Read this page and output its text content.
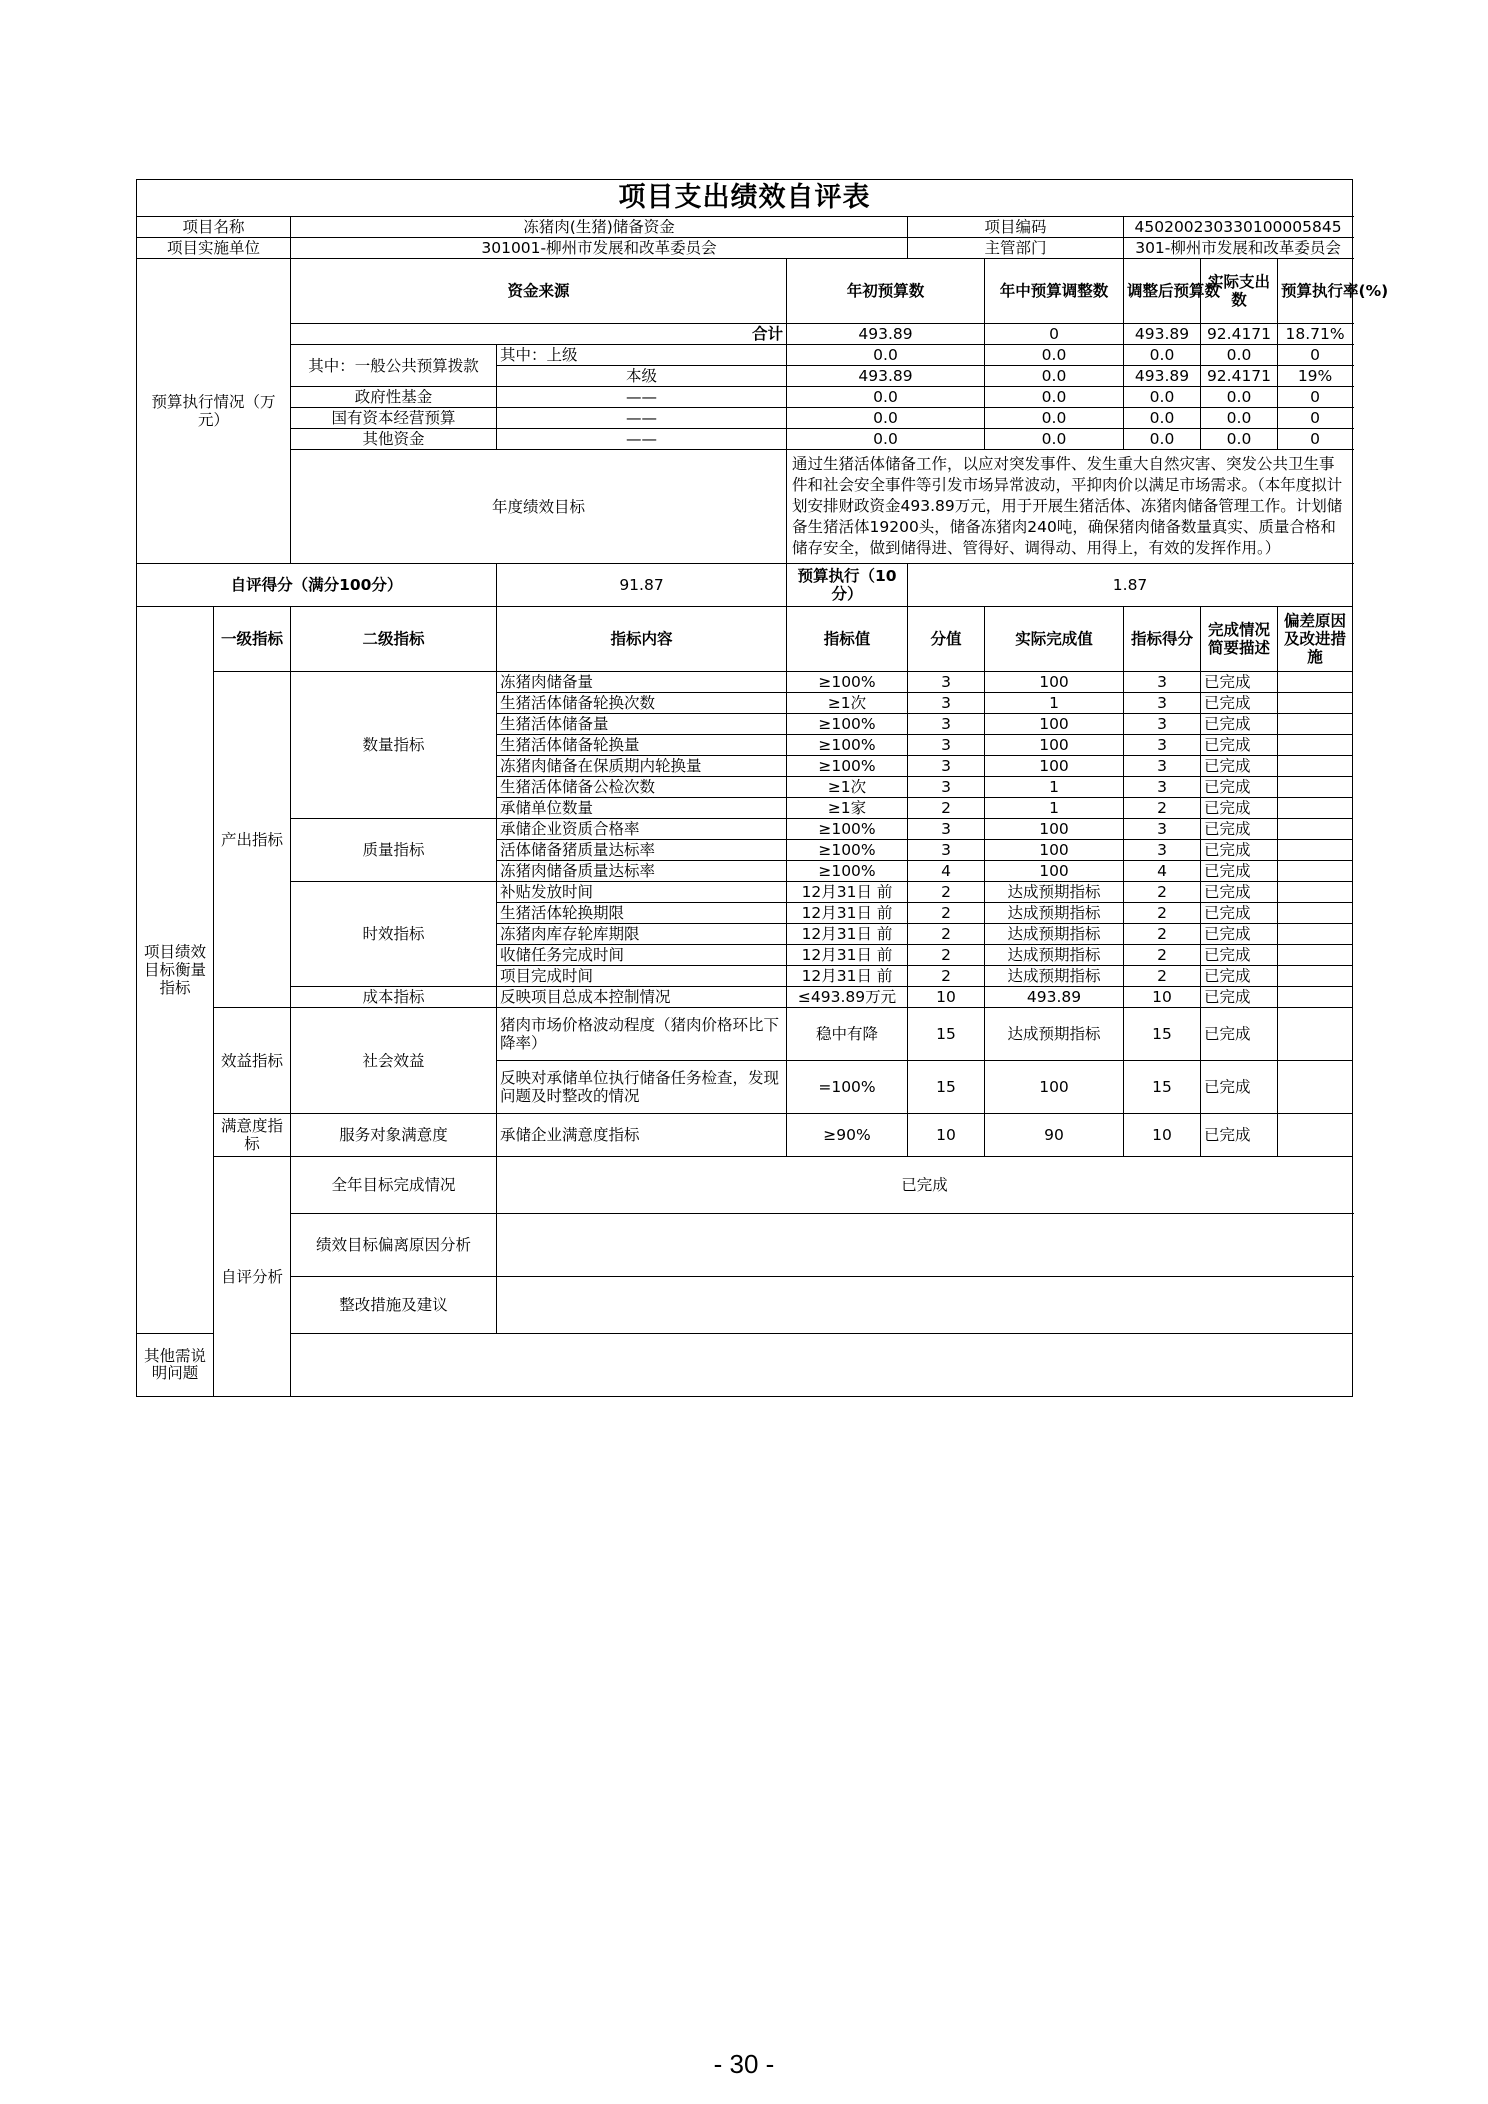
项目支出绩效自评表									
项目名称		冻猪肉(生猪)储备资金			项目编码		450200230330100005845		
项目实施单位		301001-柳州市发展和改革委员会			主管部门		301-柳州市发展和改革委员会		
预算执行情况（万元）		资金来源		年初预算数		年中预算调整数	调整后预算数	实际支出数	预算执行率(%)
		合计		493.89		0	493.89	92.4171	18.71%
		其中：一般公共预算拨款	其中：上级	0.0		0.0	0.0	0.0	0
			本级	493.89		0.0	493.89	92.4171	19%
		政府性基金	——	0.0		0.0	0.0	0.0	0
		国有资本经营预算	——	0.0		0.0	0.0	0.0	0
		其他资金	——	0.0		0.0	0.0	0.0	0
		年度绩效目标		通过生猪活体储备工作，以应对突发事件、发生重大自然灾害、突发公共卫生事件和社会安全事件等引发市场异常波动，平抑肉价以满足市场需求。（本年度拟计划安排财政资金493.89万元，用于开展生猪活体、冻猪肉储备管理工作。计划储备生猪活体19200头，储备冻猪肉240吨，确保猪肉储备数量真实、质量合格和储存安全，做到储得进、管得好、调得动、用得上，有效的发挥作用。）					
自评得分（满分100分）			91.87	预算执行（10分）	1.87				
项目绩效目标衡量指标	一级指标	二级指标	指标内容	指标值	分值	实际完成值	指标得分	完成情况简要描述	偏差原因及改进措施
	产出指标	数量指标	冻猪肉储备量	≥100%	3	100	3	已完成	
			生猪活体储备轮换次数	≥1次	3	1	3	已完成	
			生猪活体储备量	≥100%	3	100	3	已完成	
			生猪活体储备轮换量	≥100%	3	100	3	已完成	
			冻猪肉储备在保质期内轮换量	≥100%	3	100	3	已完成	
			生猪活体储备公检次数	≥1次	3	1	3	已完成	
			承储单位数量	≥1家	2	1	2	已完成	
		质量指标	承储企业资质合格率	≥100%	3	100	3	已完成	
			活体储备猪质量达标率	≥100%	3	100	3	已完成	
			冻猪肉储备质量达标率	≥100%	4	100	4	已完成	
		时效指标	补贴发放时间	12月31日 前	2	达成预期指标	2	已完成	
			生猪活体轮换期限	12月31日 前	2	达成预期指标	2	已完成	
			冻猪肉库存轮库期限	12月31日 前	2	达成预期指标	2	已完成	
			收储任务完成时间	12月31日 前	2	达成预期指标	2	已完成	
			项目完成时间	12月31日 前	2	达成预期指标	2	已完成	
		成本指标	反映项目总成本控制情况	≤493.89万元	10	493.89	10	已完成	
	效益指标	社会效益	猪肉市场价格波动程度（猪肉价格环比下降率）	稳中有降	15	达成预期指标	15	已完成	
			反映对承储单位执行储备任务检查，发现问题及时整改的情况	=100%	15	100	15	已完成	
	满意度指标	服务对象满意度	承储企业满意度指标	≥90%	10	90	10	已完成	
	自评分析	全年目标完成情况	已完成						
		绩效目标偏离原因分析							
		整改措施及建议							
其他需说明问题									
- 30 -
